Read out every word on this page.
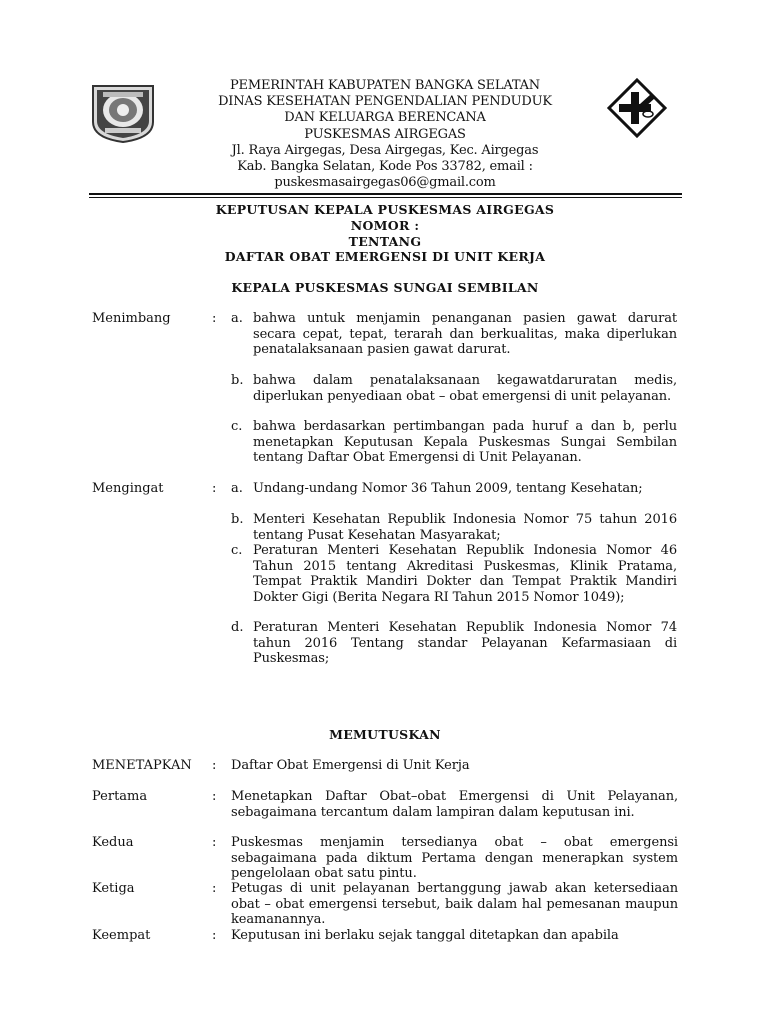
PEMERINTAH KABUPATEN BANGKA SELATAN
DINAS KESEHATAN PENGENDALIAN PENDUDUK
DAN KELUARGA BERENCANA
PUSKESMAS AIRGEGAS
Jl. Raya Airgegas, Desa Airgegas, Kec. Airgegas
Kab. Bangka Selatan, Kode Pos 33782, email :
puskesmasairgegas06@gmail.com
KEPUTUSAN KEPALA PUSKESMAS AIRGEGAS
NOMOR :
TENTANG
DAFTAR OBAT EMERGENSI DI UNIT KERJA
KEPALA PUSKESMAS SUNGAI SEMBILAN
Menimbang	: a. bahwa untuk menjamin penanganan pasien gawat darurat secara cepat, tepat, terarah dan berkualitas, maka diperlukan penatalaksanaan pasien gawat darurat.
b. bahwa dalam penatalaksanaan kegawatdaruratan medis, diperlukan penyediaan obat – obat emergensi di unit pelayanan.
c. bahwa berdasarkan pertimbangan pada huruf a dan b, perlu menetapkan Keputusan Kepala Puskesmas Sungai Sembilan tentang Daftar Obat Emergensi di Unit Pelayanan.
Mengingat	: a. Undang-undang Nomor 36 Tahun 2009, tentang Kesehatan;
b. Menteri Kesehatan Republik Indonesia Nomor 75 tahun 2016 tentang Pusat Kesehatan Masyarakat;
c. Peraturan Menteri Kesehatan Republik Indonesia Nomor 46 Tahun 2015 tentang Akreditasi Puskesmas, Klinik Pratama, Tempat Praktik Mandiri Dokter dan Tempat Praktik Mandiri Dokter Gigi (Berita Negara RI Tahun 2015 Nomor 1049);
d. Peraturan Menteri Kesehatan Republik Indonesia Nomor 74 tahun 2016 Tentang standar Pelayanan Kefarmasiaan di Puskesmas;
MEMUTUSKAN
MENETAPKAN : Daftar Obat Emergensi di Unit Kerja
Pertama	: Menetapkan Daftar Obat–obat Emergensi di Unit Pelayanan, sebagaimana tercantum dalam lampiran dalam keputusan ini.
Kedua	: Puskesmas menjamin tersedianya obat – obat emergensi sebagaimana pada diktum Pertama dengan menerapkan system pengelolaan obat satu pintu.
Ketiga	: Petugas di unit pelayanan bertanggung jawab akan ketersediaan obat – obat emergensi tersebut, baik dalam hal pemesanan maupun keamanannya.
Keempat	: Keputusan ini berlaku sejak tanggal ditetapkan dan apabila
